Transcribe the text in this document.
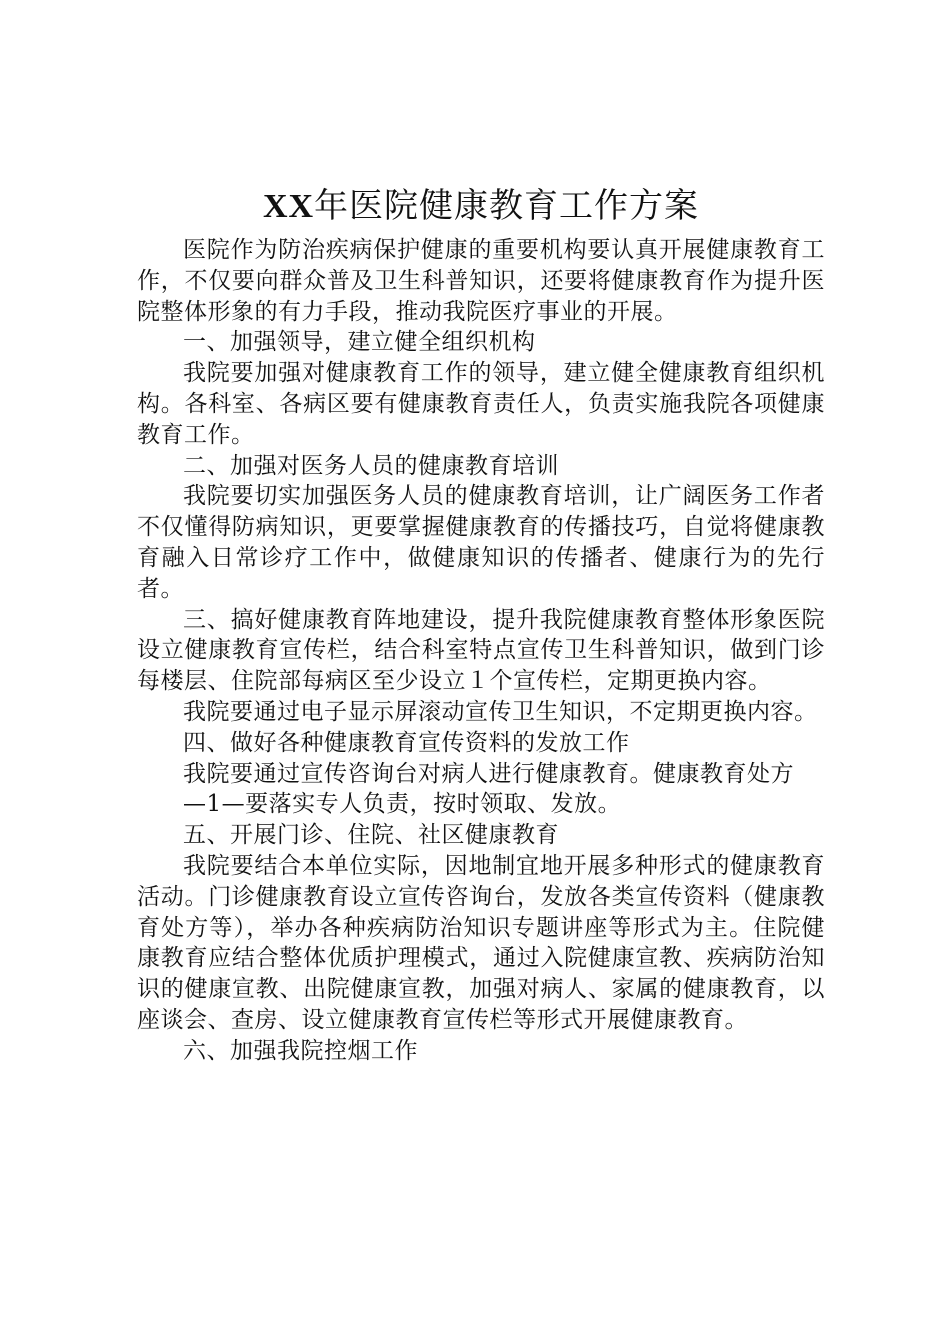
XX年医院健康教育工作方案

医院作为防治疾病保护健康的重要机构要认真开展健康教育工作，不仅要向群众普及卫生科普知识，还要将健康教育作为提升医院整体形象的有力手段，推动我院医疗事业的开展。

一、加强领导，建立健全组织机构

我院要加强对健康教育工作的领导，建立健全健康教育组织机构。各科室、各病区要有健康教育责任人，负责实施我院各项健康教育工作。

二、加强对医务人员的健康教育培训

我院要切实加强医务人员的健康教育培训，让广阔医务工作者不仅懂得防病知识，更要掌握健康教育的传播技巧，自觉将健康教育融入日常诊疗工作中，做健康知识的传播者、健康行为的先行者。

三、搞好健康教育阵地建设，提升我院健康教育整体形象医院设立健康教育宣传栏，结合科室特点宣传卫生科普知识，做到门诊每楼层、住院部每病区至少设立１个宣传栏，定期更换内容。

我院要通过电子显示屏滚动宣传卫生知识，不定期更换内容。

四、做好各种健康教育宣传资料的发放工作

我院要通过宣传咨询台对病人进行健康教育。健康教育处方

—1—要落实专人负责，按时领取、发放。

五、开展门诊、住院、社区健康教育

我院要结合本单位实际，因地制宜地开展多种形式的健康教育活动。门诊健康教育设立宣传咨询台，发放各类宣传资料（健康教育处方等），举办各种疾病防治知识专题讲座等形式为主。住院健康教育应结合整体优质护理模式，通过入院健康宣教、疾病防治知识的健康宣教、出院健康宣教，加强对病人、家属的健康教育，以座谈会、查房、设立健康教育宣传栏等形式开展健康教育。

六、加强我院控烟工作
